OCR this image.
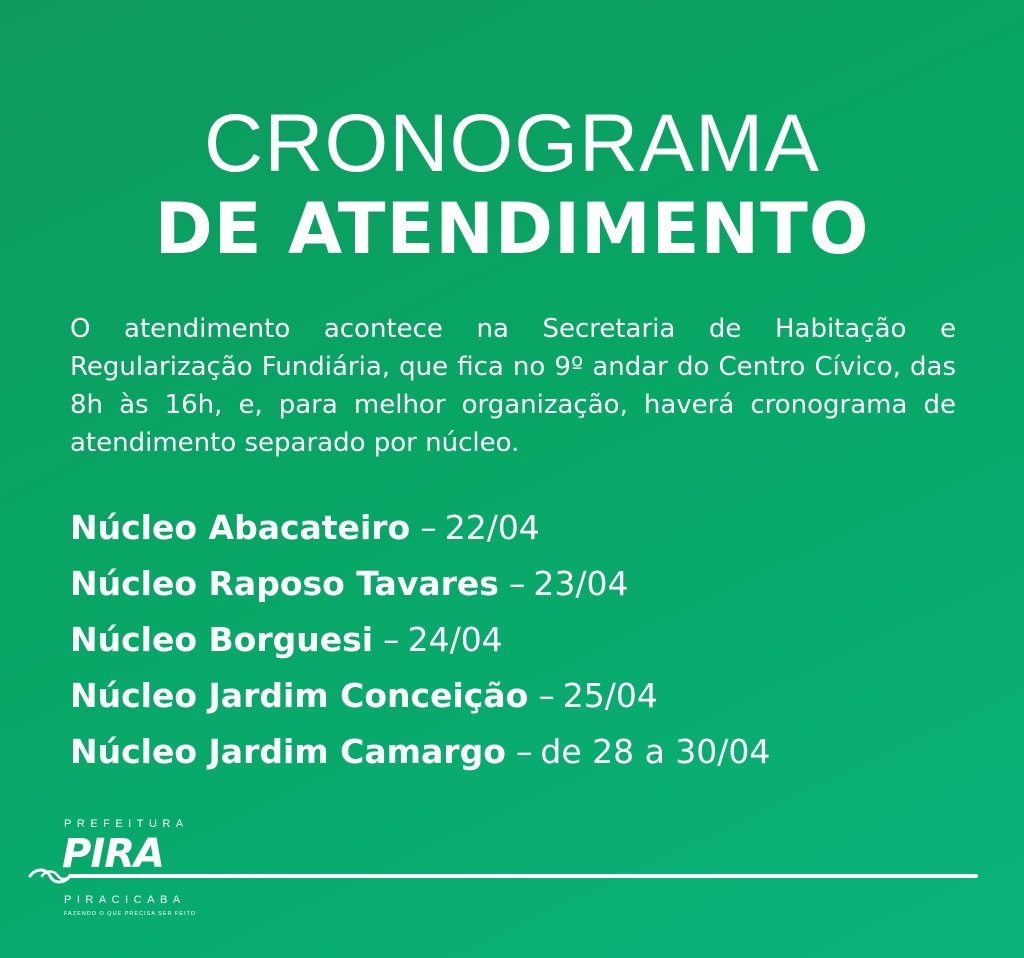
CRONOGRAMA
DE ATENDIMENTO

O atendimento acontece na Secretaria de Habitação e Regularização Fundiária, que fica no 9º andar do Centro Cívico, das 8h às 16h, e, para melhor organização, haverá cronograma de atendimento separado por núcleo.

Núcleo Abacateiro – 22/04
Núcleo Raposo Tavares – 23/04
Núcleo Borguesi – 24/04
Núcleo Jardim Conceição – 25/04
Núcleo Jardim Camargo – de 28 a 30/04
PREFEITURA
PIRA
PIRACICABA
FAZENDO O QUE PRECISA SER FEITO
